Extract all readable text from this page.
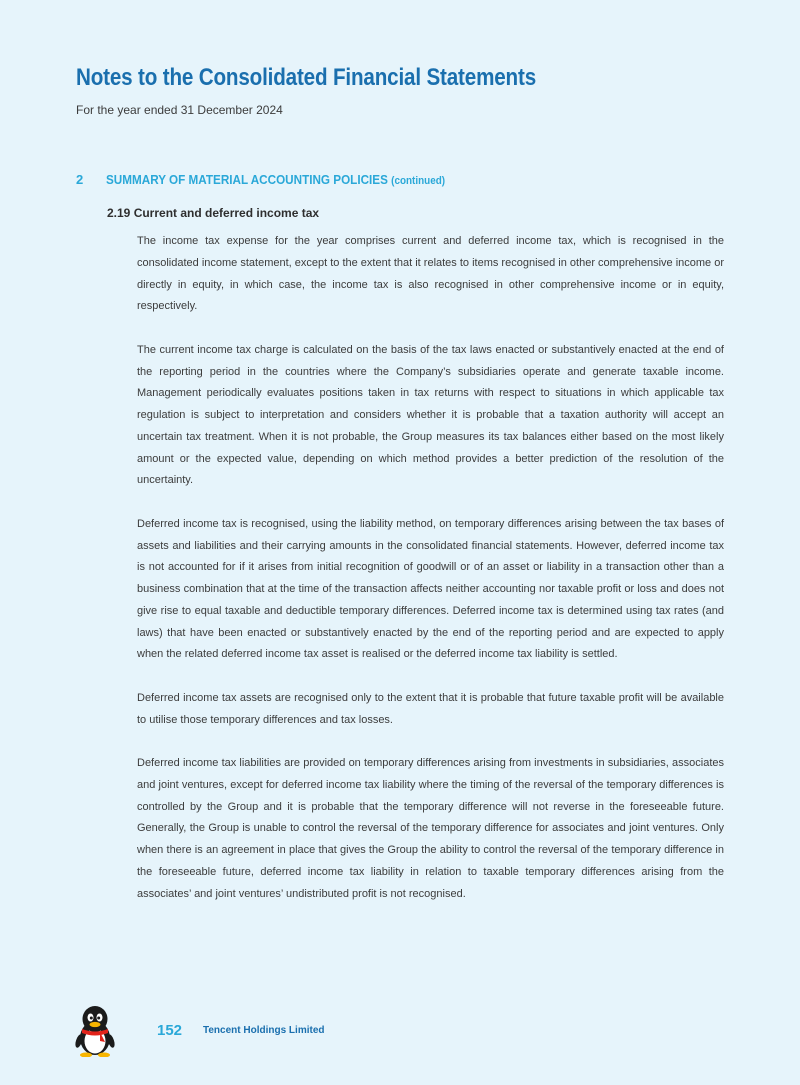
Notes to the Consolidated Financial Statements
For the year ended 31 December 2024
2 SUMMARY OF MATERIAL ACCOUNTING POLICIES (continued)
2.19 Current and deferred income tax

The income tax expense for the year comprises current and deferred income tax, which is recognised in the consolidated income statement, except to the extent that it relates to items recognised in other comprehensive income or directly in equity, in which case, the income tax is also recognised in other comprehensive income or in equity, respectively.

The current income tax charge is calculated on the basis of the tax laws enacted or substantively enacted at the end of the reporting period in the countries where the Company’s subsidiaries operate and generate taxable income. Management periodically evaluates positions taken in tax returns with respect to situations in which applicable tax regulation is subject to interpretation and considers whether it is probable that a taxation authority will accept an uncertain tax treatment. When it is not probable, the Group measures its tax balances either based on the most likely amount or the expected value, depending on which method provides a better prediction of the resolution of the uncertainty.

Deferred income tax is recognised, using the liability method, on temporary differences arising between the tax bases of assets and liabilities and their carrying amounts in the consolidated financial statements. However, deferred income tax is not accounted for if it arises from initial recognition of goodwill or of an asset or liability in a transaction other than a business combination that at the time of the transaction affects neither accounting nor taxable profit or loss and does not give rise to equal taxable and deductible temporary differences. Deferred income tax is determined using tax rates (and laws) that have been enacted or substantively enacted by the end of the reporting period and are expected to apply when the related deferred income tax asset is realised or the deferred income tax liability is settled.

Deferred income tax assets are recognised only to the extent that it is probable that future taxable profit will be available to utilise those temporary differences and tax losses.

Deferred income tax liabilities are provided on temporary differences arising from investments in subsidiaries, associates and joint ventures, except for deferred income tax liability where the timing of the reversal of the temporary differences is controlled by the Group and it is probable that the temporary difference will not reverse in the foreseeable future. Generally, the Group is unable to control the reversal of the temporary difference for associates and joint ventures. Only when there is an agreement in place that gives the Group the ability to control the reversal of the temporary difference in the foreseeable future, deferred income tax liability in relation to taxable temporary differences arising from the associates’ and joint ventures’ undistributed profit is not recognised.

152 Tencent Holdings Limited
